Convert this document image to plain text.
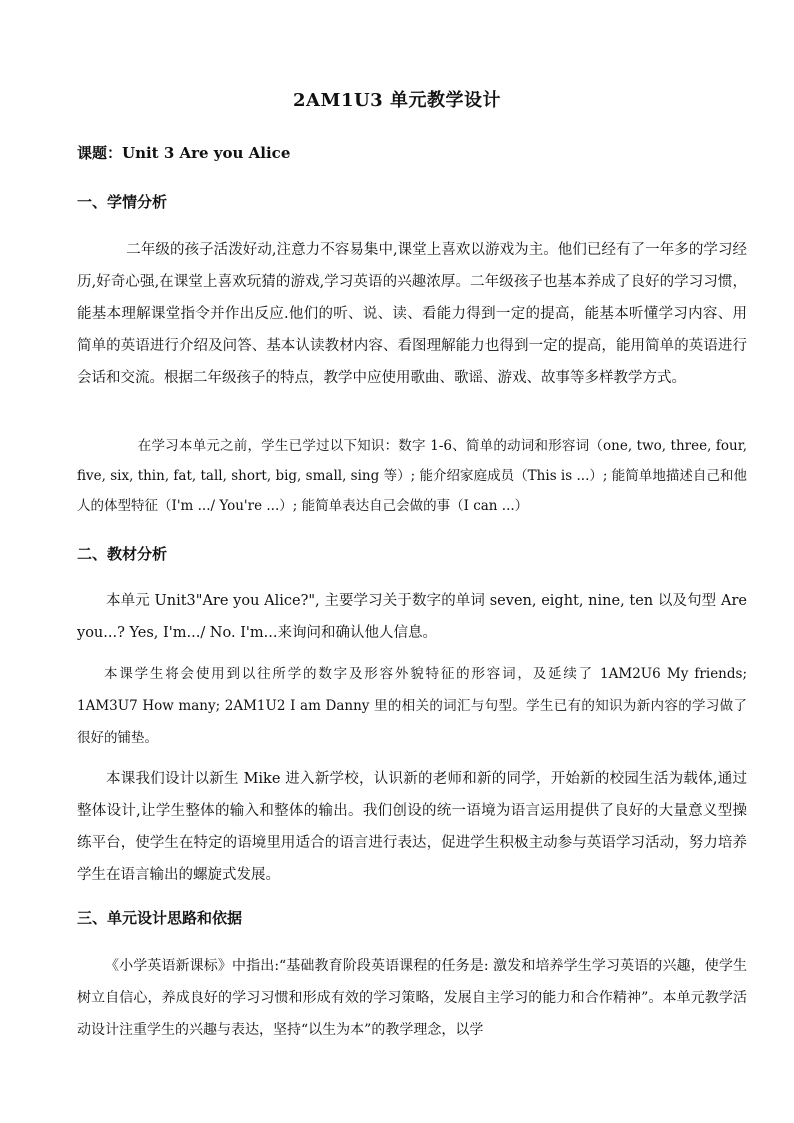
2AM1U3 单元教学设计
课题：Unit 3 Are you Alice
一、学情分析

二年级的孩子活泼好动,注意力不容易集中,课堂上喜欢以游戏为主。他们已经有了一年多的学习经历,好奇心强,在课堂上喜欢玩猜的游戏,学习英语的兴趣浓厚。二年级孩子也基本养成了良好的学习习惯，能基本理解课堂指令并作出反应.他们的听、说、读、看能力得到一定的提高，能基本听懂学习内容、用简单的英语进行介绍及问答、基本认读教材内容、看图理解能力也得到一定的提高，能用简单的英语进行会话和交流。根据二年级孩子的特点，教学中应使用歌曲、歌谣、游戏、故事等多样教学方式。

在学习本单元之前，学生已学过以下知识：数字 1-6、简单的动词和形容词（one, two, three, four, five, six, thin, fat, tall, short, big, small, sing 等）; 能介绍家庭成员（This is ...）; 能简单地描述自己和他人的体型特征（I'm .../ You're ...）; 能简单表达自己会做的事（I can ...）

二、教材分析

本单元 Unit3"Are you Alice?", 主要学习关于数字的单词 seven, eight, nine, ten 以及句型 Are you...? Yes, I'm.../ No. I'm...来询问和确认他人信息。

本课学生将会使用到以往所学的数字及形容外貌特征的形容词，及延续了 1AM2U6 My friends; 1AM3U7 How many; 2AM1U2 I am Danny 里的相关的词汇与句型。学生已有的知识为新内容的学习做了很好的铺垫。

本课我们设计以新生 Mike 进入新学校，认识新的老师和新的同学，开始新的校园生活为载体,通过整体设计,让学生整体的输入和整体的输出。我们创设的统一语境为语言运用提供了良好的大量意义型操练平台，使学生在特定的语境里用适合的语言进行表达，促进学生积极主动参与英语学习活动，努力培养学生在语言输出的螺旋式发展。

三、单元设计思路和依据

《小学英语新课标》中指出:“基础教育阶段英语课程的任务是: 激发和培养学生学习英语的兴趣，使学生树立自信心，养成良好的学习习惯和形成有效的学习策略，发展自主学习的能力和合作精神”。本单元教学活动设计注重学生的兴趣与表达，坚持“以生为本”的教学理念，以学
